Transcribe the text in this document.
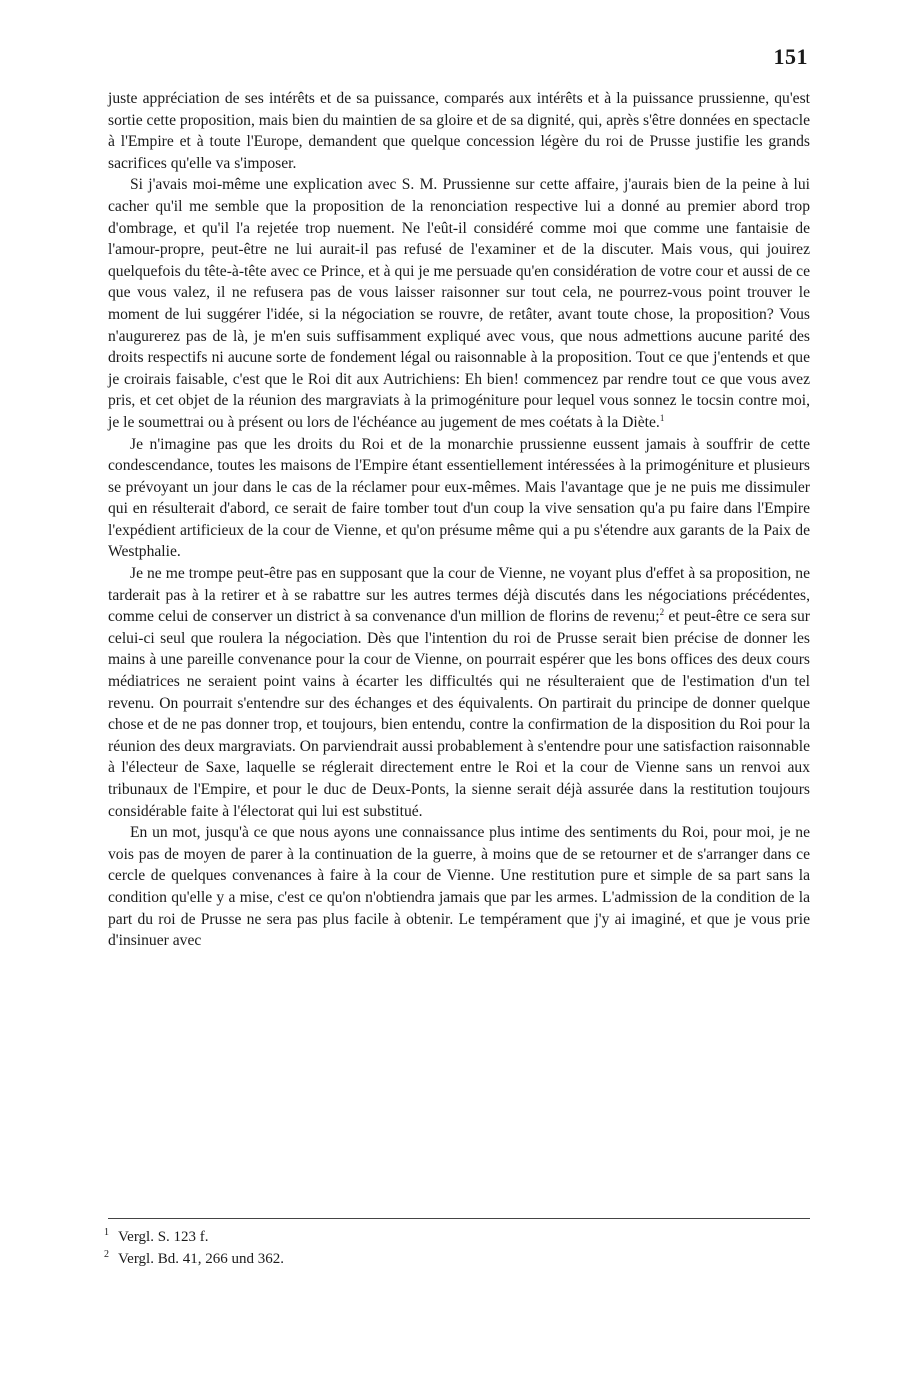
151

juste appréciation de ses intérêts et de sa puissance, comparés aux intérêts et à la puissance prussienne, qu'est sortie cette proposition, mais bien du maintien de sa gloire et de sa dignité, qui, après s'être données en spectacle à l'Empire et à toute l'Europe, demandent que quelque concession légère du roi de Prusse justifie les grands sacrifices qu'elle va s'imposer.

Si j'avais moi-même une explication avec S. M. Prussienne sur cette affaire, j'aurais bien de la peine à lui cacher qu'il me semble que la proposition de la renonciation respective lui a donné au premier abord trop d'ombrage, et qu'il l'a rejetée trop nuement. Ne l'eût-il considéré comme moi que comme une fantaisie de l'amour-propre, peut-être ne lui aurait-il pas refusé de l'examiner et de la discuter. Mais vous, qui jouirez quelquefois du tête-à-tête avec ce Prince, et à qui je me persuade qu'en considération de votre cour et aussi de ce que vous valez, il ne refusera pas de vous laisser raisonner sur tout cela, ne pourrez-vous point trouver le moment de lui suggérer l'idée, si la négociation se rouvre, de retâter, avant toute chose, la proposition? Vous n'augurerez pas de là, je m'en suis suffisamment expliqué avec vous, que nous admettions aucune parité des droits respectifs ni aucune sorte de fondement légal ou raisonnable à la proposition. Tout ce que j'entends et que je croirais faisable, c'est que le Roi dit aux Autrichiens: Eh bien! commencez par rendre tout ce que vous avez pris, et cet objet de la réunion des margraviats à la primogéniture pour lequel vous sonnez le tocsin contre moi, je le soumettrai ou à présent ou lors de l'échéance au jugement de mes coétats à la Diète.$^1$

Je n'imagine pas que les droits du Roi et de la monarchie prussienne eussent jamais à souffrir de cette condescendance, toutes les maisons de l'Empire étant essentiellement intéressées à la primogéniture et plusieurs se prévoyant un jour dans le cas de la réclamer pour eux-mêmes. Mais l'avantage que je ne puis me dissimuler qui en résulterait d'abord, ce serait de faire tomber tout d'un coup la vive sensation qu'a pu faire dans l'Empire l'expédient artificieux de la cour de Vienne, et qu'on présume même qui a pu s'étendre aux garants de la Paix de Westphalie.

Je ne me trompe peut-être pas en supposant que la cour de Vienne, ne voyant plus d'effet à sa proposition, ne tarderait pas à la retirer et à se rabattre sur les autres termes déjà discutés dans les négociations précédentes, comme celui de conserver un district à sa convenance d'un million de florins de revenu;$^2$ et peut-être ce sera sur celui-ci seul que roulera la négociation. Dès que l'intention du roi de Prusse serait bien précise de donner les mains à une pareille convenance pour la cour de Vienne, on pourrait espérer que les bons offices des deux cours médiatrices ne seraient point vains à écarter les difficultés qui ne résulteraient que de l'estimation d'un tel revenu. On pourrait s'entendre sur des échanges et des équivalents. On partirait du principe de donner quelque chose et de ne pas donner trop, et toujours, bien entendu, contre la confirmation de la disposition du Roi pour la réunion des deux margraviats. On parviendrait aussi probablement à s'entendre pour une satisfaction raisonnable à l'électeur de Saxe, laquelle se réglerait directement entre le Roi et la cour de Vienne sans un renvoi aux tribunaux de l'Empire, et pour le duc de Deux-Ponts, la sienne serait déjà assurée dans la restitution toujours considérable faite à l'électorat qui lui est substitué.

En un mot, jusqu'à ce que nous ayons une connaissance plus intime des sentiments du Roi, pour moi, je ne vois pas de moyen de parer à la continuation de la guerre, à moins que de se retourner et de s'arranger dans ce cercle de quelques convenances à faire à la cour de Vienne. Une restitution pure et simple de sa part sans la condition qu'elle y a mise, c'est ce qu'on n'obtiendra jamais que par les armes. L'admission de la condition de la part du roi de Prusse ne sera pas plus facile à obtenir. Le tempérament que j'y ai imaginé, et que je vous prie d'insinuer avec

1 Vergl. S. 123 f.
2 Vergl. Bd. 41, 266 und 362.
